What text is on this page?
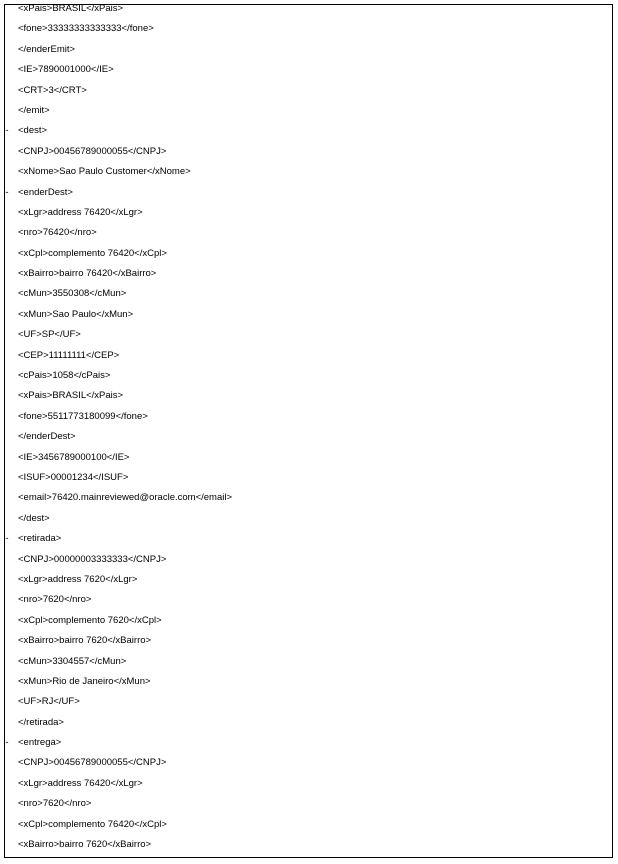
<xPais>BRASIL</xPais>
<fone>33333333333333</fone>
</enderEmit>
<IE>7890001000</IE>
<CRT>3</CRT>
</emit>
- <dest>
<CNPJ>00456789000055</CNPJ>
<xNome>Sao Paulo Customer</xNome>
- <enderDest>
<xLgr>address 76420</xLgr>
<nro>76420</nro>
<xCpl>complemento 76420</xCpl>
<xBairro>bairro 76420</xBairro>
<cMun>3550308</cMun>
<xMun>Sao Paulo</xMun>
<UF>SP</UF>
<CEP>11111111</CEP>
<cPais>1058</cPais>
<xPais>BRASIL</xPais>
<fone>5511773180099</fone>
</enderDest>
<IE>3456789000100</IE>
<ISUF>00001234</ISUF>
<email>76420.mainreviewed@oracle.com</email>
</dest>
- <retirada>
<CNPJ>00000003333333</CNPJ>
<xLgr>address 7620</xLgr>
<nro>7620</nro>
<xCpl>complemento 7620</xCpl>
<xBairro>bairro 7620</xBairro>
<cMun>3304557</cMun>
<xMun>Rio de Janeiro</xMun>
<UF>RJ</UF>
</retirada>
- <entrega>
<CNPJ>00456789000055</CNPJ>
<xLgr>address 76420</xLgr>
<nro>7620</nro>
<xCpl>complemento 76420</xCpl>
<xBairro>bairro 7620</xBairro>
